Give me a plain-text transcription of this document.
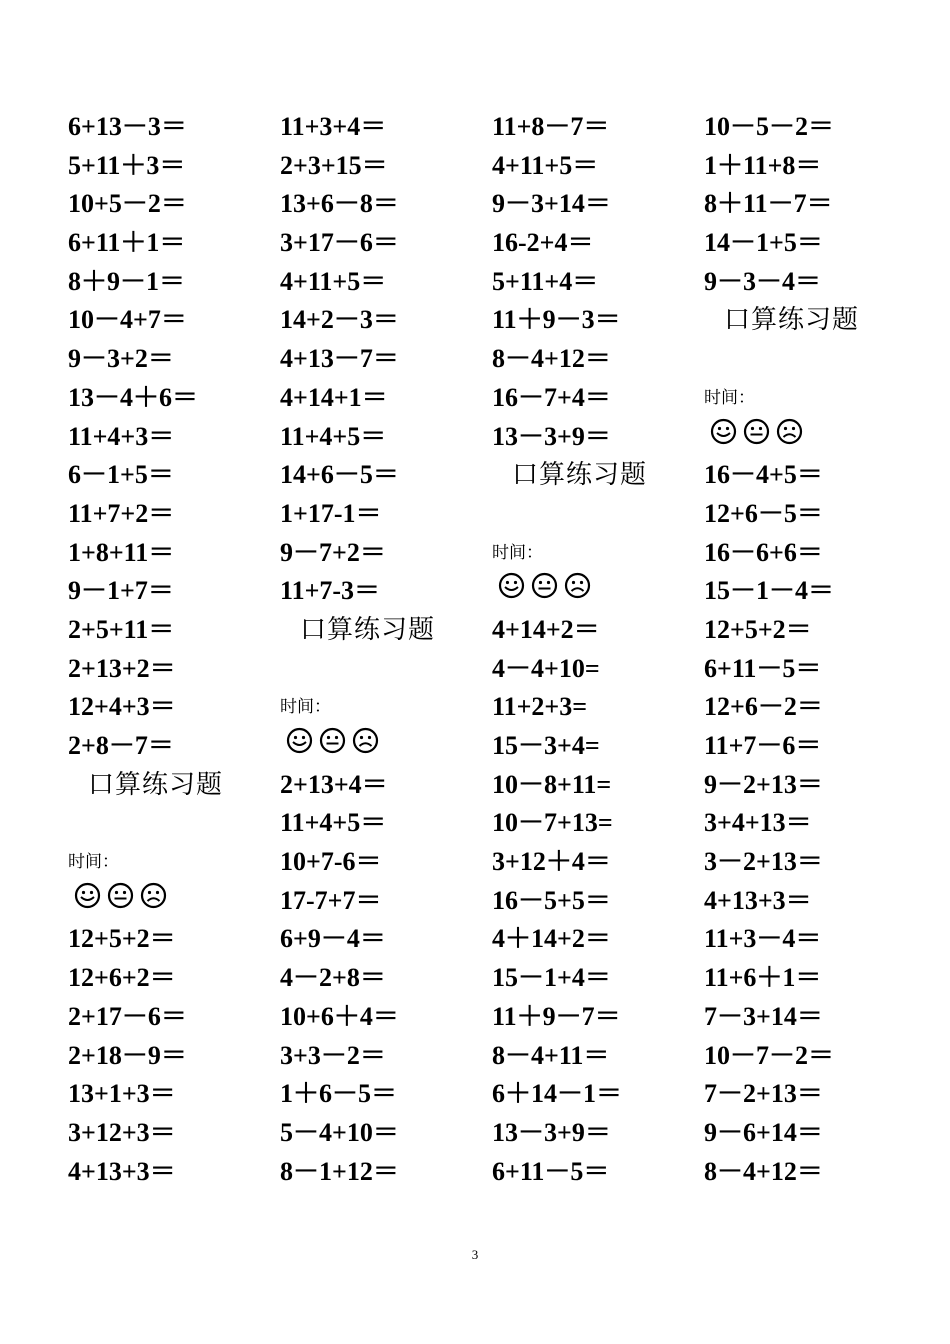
6+13－3＝
5+11＋3＝
10+5－2＝
6+11＋1＝
8＋9－1＝
10－4+7＝
9－3+2＝
13－4＋6＝
11+4+3＝
6－1+5＝
11+7+2＝
1+8+11＝
9－1+7＝
2+5+11＝
2+13+2＝
12+4+3＝
2+8－7＝
口算练习题
时间：
12+5+2＝
12+6+2＝
2+17－6＝
2+18－9＝
13+1+3＝
3+12+3＝
4+13+3＝
11+3+4＝
2+3+15＝
13+6－8＝
3+17－6＝
4+11+5＝
14+2－3＝
4+13－7＝
4+14+1＝
11+4+5＝
14+6－5＝
1+17-1＝
9－7+2＝
11+7-3＝
口算练习题
时间：
2+13+4＝
11+4+5＝
10+7-6＝
17-7+7＝
6+9－4＝
4－2+8＝
10+6＋4＝
3+3－2＝
1＋6－5＝
5－4+10＝
8－1+12＝
11+8－7＝
4+11+5＝
9－3+14＝
16-2+4＝
5+11+4＝
11＋9－3＝
8－4+12＝
16－7+4＝
13－3+9＝
口算练习题
时间：
4+14+2＝
4－4+10=
11+2+3=
15－3+4=
10－8+11=
10－7+13=
3+12＋4＝
16－5+5＝
4＋14+2＝
15－1+4＝
11＋9－7＝
8－4+11＝
6＋14－1＝
13－3+9＝
6+11－5＝
10－5－2＝
1＋11+8＝
8＋11－7＝
14－1+5＝
9－3－4＝
口算练习题
时间：
16－4+5＝
12+6－5＝
16－6+6＝
15－1－4＝
12+5+2＝
6+11－5＝
12+6－2＝
11+7－6＝
9－2+13＝
3+4+13＝
3－2+13＝
4+13+3＝
11+3－4＝
11+6＋1＝
7－3+14＝
10－7－2＝
7－2+13＝
9－6+14＝
8－4+12＝
3
